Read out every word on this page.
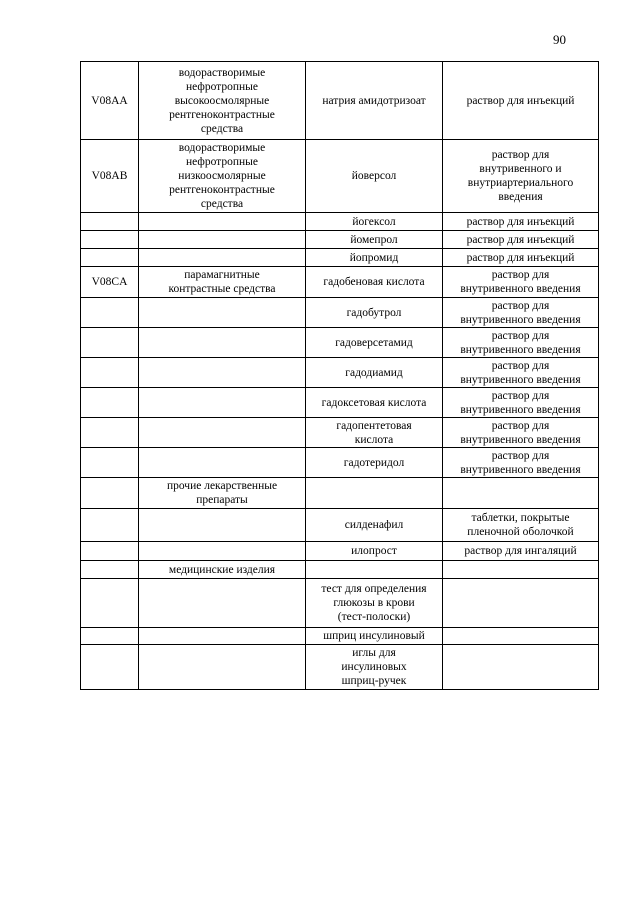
90
V08AA	водорастворимые
нефротропные
высокоосмолярные
рентгеноконтрастные
средства	натрия амидотризоат	раствор для инъекций
V08AB	водорастворимые
нефротропные
низкоосмолярные
рентгеноконтрастные
средства	йоверсол	раствор для
внутривенного и
внутриартериального
введения
		йогексол	раствор для инъекций
		йомепрол	раствор для инъекций
		йопромид	раствор для инъекций
V08CA	парамагнитные
контрастные средства	гадобеновая кислота	раствор для
внутривенного введения
		гадобутрол	раствор для
внутривенного введения
		гадоверсетамид	раствор для
внутривенного введения
		гадодиамид	раствор для
внутривенного введения
		гадоксетовая кислота	раствор для
внутривенного введения
		гадопентетовая
кислота	раствор для
внутривенного введения
		гадотеридол	раствор для
внутривенного введения
	прочие лекарственные
препараты		
		силденафил	таблетки, покрытые
пленочной оболочкой
		илопрост	раствор для ингаляций
	медицинские изделия		
		тест для определения
глюкозы в крови
(тест-полоски)	
		шприц инсулиновый	
		иглы для
инсулиновых
шприц-ручек	
